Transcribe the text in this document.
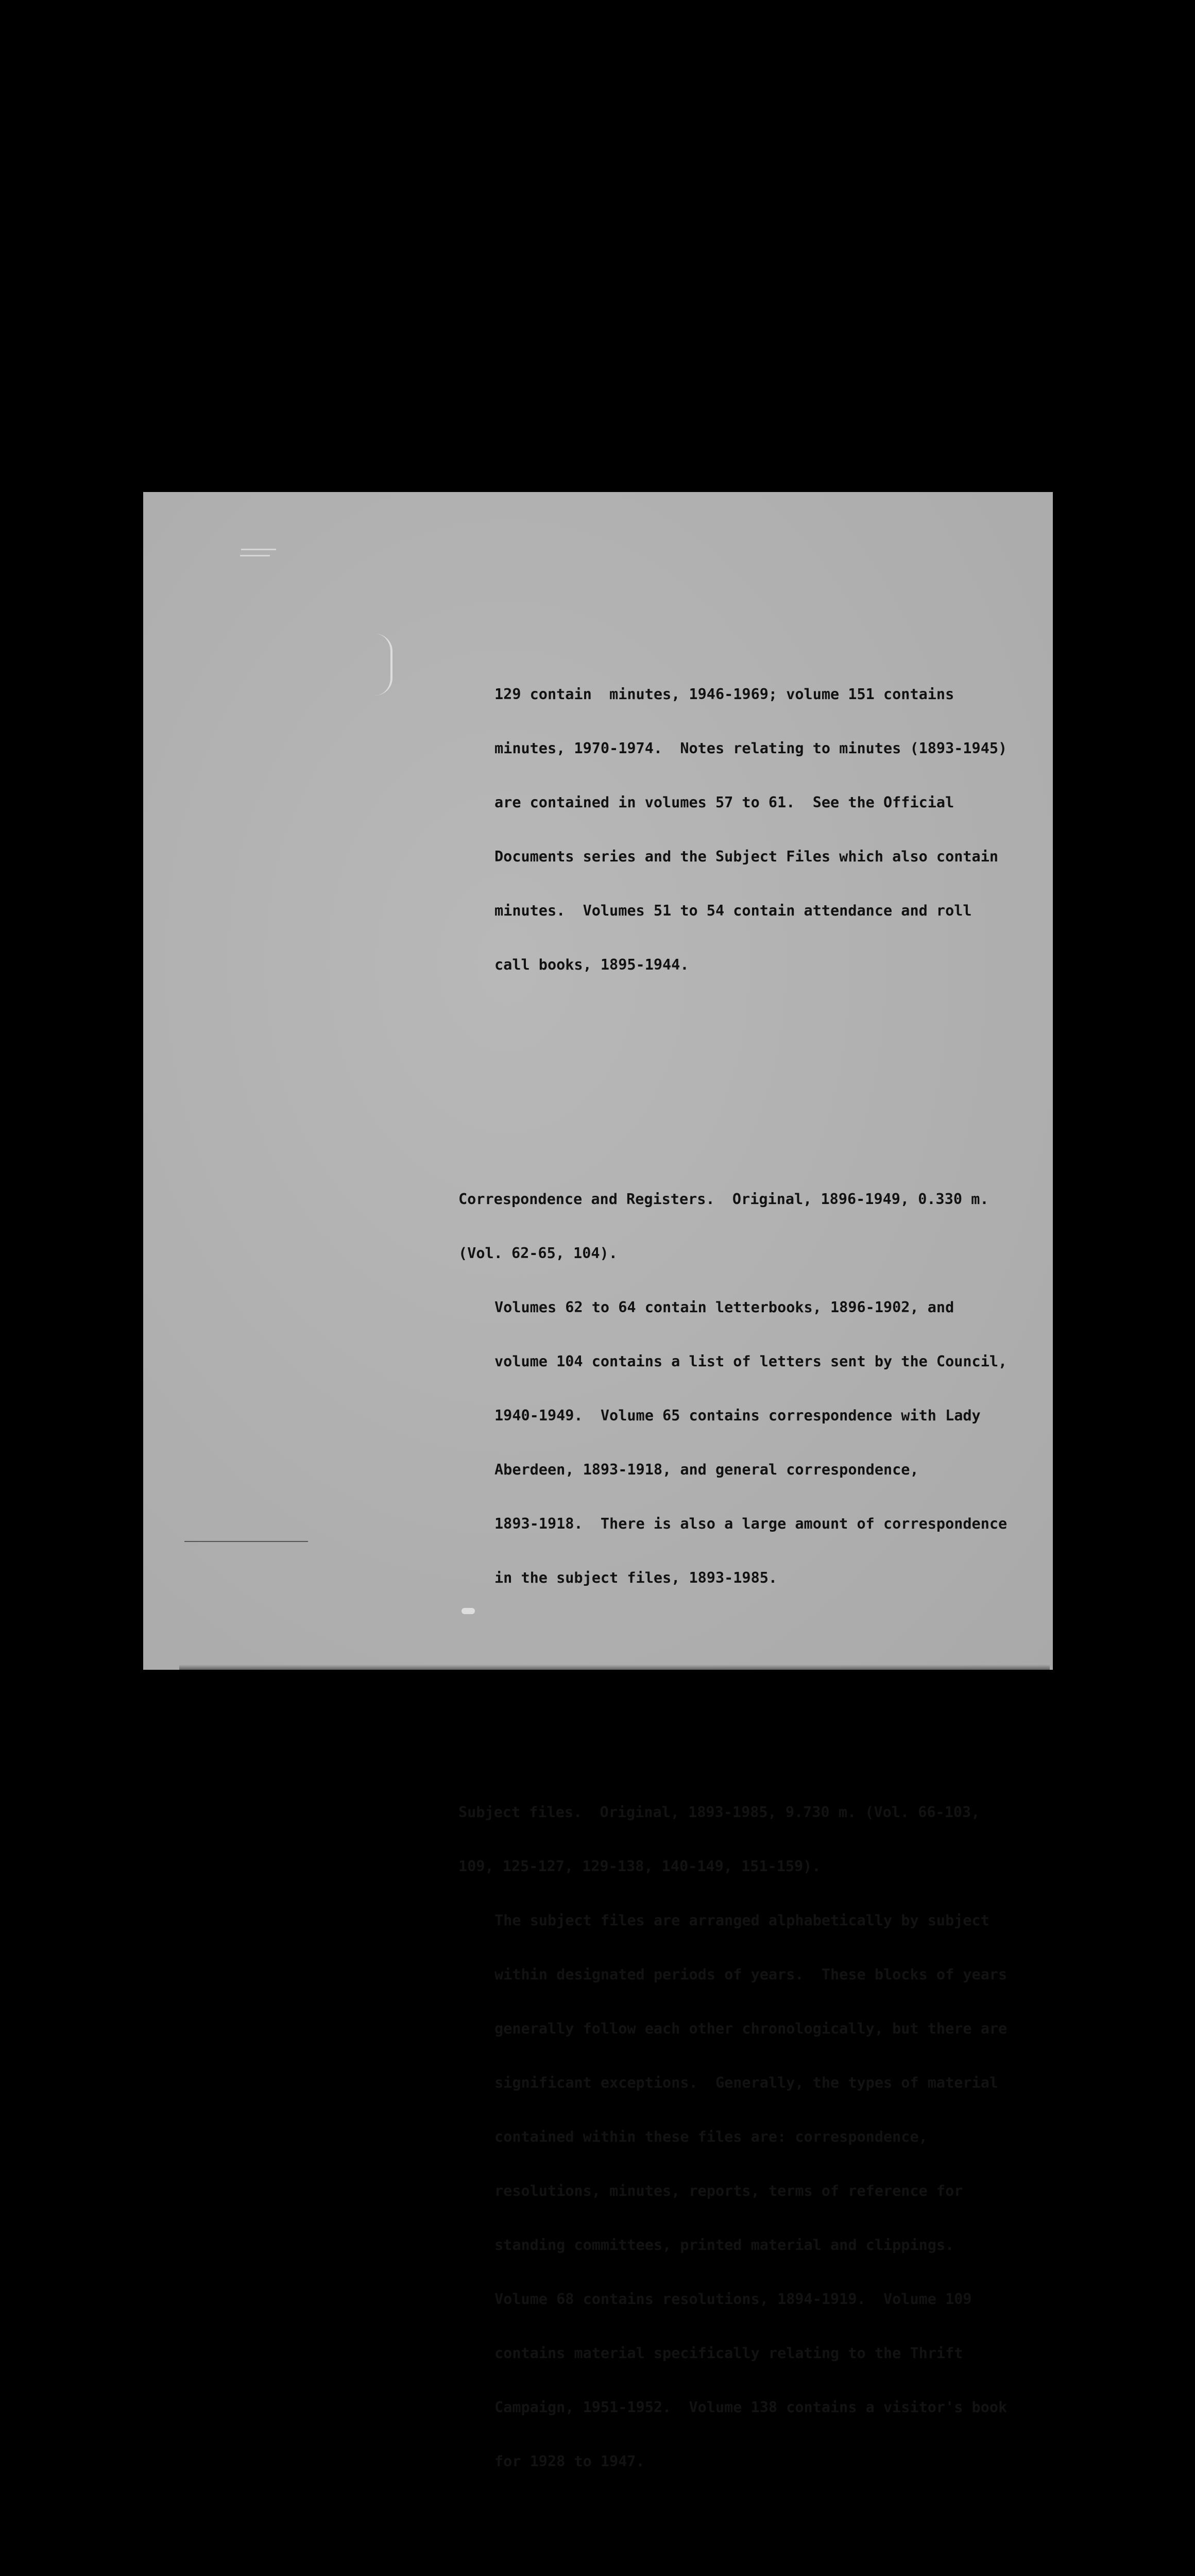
129 contain  minutes, 1946-1969; volume 151 contains

minutes, 1970-1974.  Notes relating to minutes (1893-1945)

are contained in volumes 57 to 61.  See the Official

Documents series and the Subject Files which also contain

minutes.  Volumes 51 to 54 contain attendance and roll

call books, 1895-1944.

Correspondence and Registers.  Original, 1896-1949, 0.330 m.

(Vol. 62-65, 104).

Volumes 62 to 64 contain letterbooks, 1896-1902, and

volume 104 contains a list of letters sent by the Council,

1940-1949.  Volume 65 contains correspondence with Lady

Aberdeen, 1893-1918, and general correspondence,

1893-1918.  There is also a large amount of correspondence

in the subject files, 1893-1985.

Subject files.  Original, 1893-1985, 9.730 m. (Vol. 66-103,

109, 125-127, 129-138, 140-149, 151-159).

The subject files are arranged alphabetically by subject

within designated periods of years.  These blocks of years

generally follow each other chronologically, but there are

significant exceptions.  Generally, the types of material

contained within these files are: correspondence,

resolutions, minutes, reports, terms of reference for

standing committees, printed material and clippings.

Volume 68 contains resolutions, 1894-1919.  Volume 109

contains material specifically relating to the Thrift

Campaign, 1951-1952.  Volume 138 contains a visitor's book

for 1928 to 1947.
